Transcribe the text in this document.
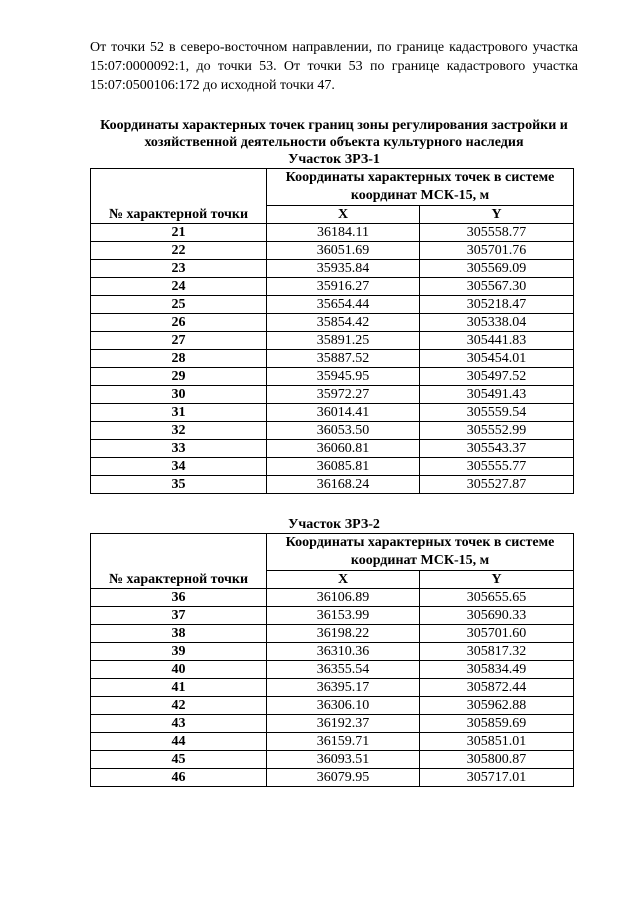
От точки 52 в северо-восточном направлении, по границе кадастрового участка 15:07:0000092:1, до точки 53. От точки 53 по границе кадастрового участка 15:07:0500106:172 до исходной точки 47.

Координаты характерных точек границ зоны регулирования застройки и хозяйственной деятельности объекта культурного наследия
Участок ЗРЗ-1
№ характерной точки	Координаты характерных точек в системе координат МСК-15, м	
	X	Y
21	36184.11	305558.77
22	36051.69	305701.76
23	35935.84	305569.09
24	35916.27	305567.30
25	35654.44	305218.47
26	35854.42	305338.04
27	35891.25	305441.83
28	35887.52	305454.01
29	35945.95	305497.52
30	35972.27	305491.43
31	36014.41	305559.54
32	36053.50	305552.99
33	36060.81	305543.37
34	36085.81	305555.77
35	36168.24	305527.87
Участок ЗРЗ-2
№ характерной точки	Координаты характерных точек в системе координат МСК-15, м	
	X	Y
36	36106.89	305655.65
37	36153.99	305690.33
38	36198.22	305701.60
39	36310.36	305817.32
40	36355.54	305834.49
41	36395.17	305872.44
42	36306.10	305962.88
43	36192.37	305859.69
44	36159.71	305851.01
45	36093.51	305800.87
46	36079.95	305717.01
